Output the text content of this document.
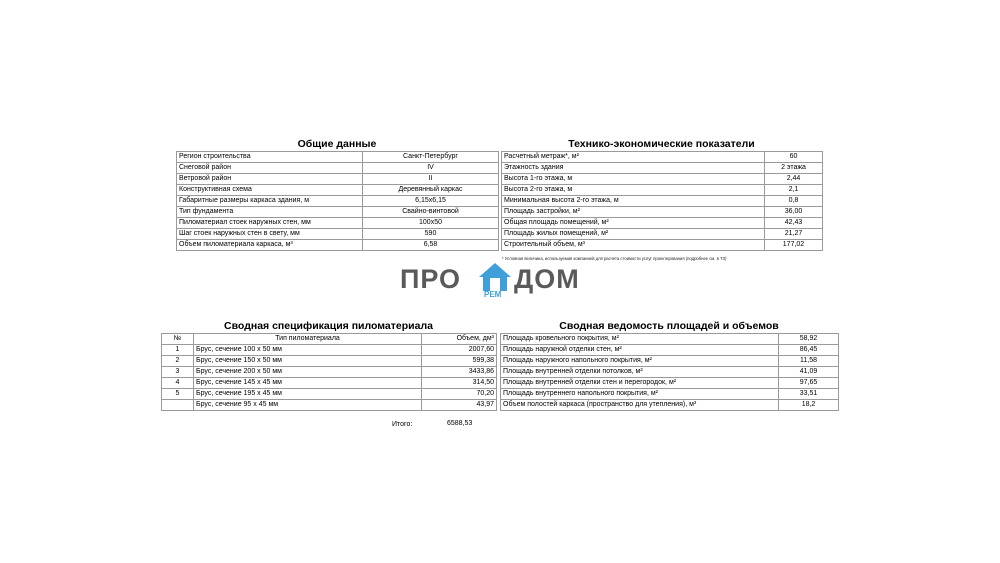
Общие данные
Регион строительства	Санкт-Петербург
Снеговой район	IV
Ветровой район	II
Конструктивная схема	Деревянный каркас
Габаритные размеры каркаса здания, м	6,15х6,15
Тип фундамента	Свайно-винтовой
Пиломатериал стоек наружных стен, мм	100х50
Шаг стоек наружных стен в свету, мм	590
Объем пиломатериала каркаса, м³	6,58
Технико-экономические показатели
Расчетный метраж*, м²	60
Этажность здания	2 этажа
Высота 1-го этажа, м	2,44
Высота 2-го этажа, м	2,1
Минимальная высота 2-го этажа, м	0,8
Площадь застройки, м²	36,00
Общая площадь помещений, м²	42,43
Площадь жилых помещений, м²	21,27
Строительный объем, м³	177,02
* Условная величина, используемая компанией для расчета стоимости услуг проектирования (подробнее см. в ТЗ)
ПРО
РЕМ
ДОМ
Сводная спецификация пиломатериала
№	Тип пиломатериала	Объем, дм³
1	Брус, сечение 100 х 50 мм	2007,60
2	Брус, сечение 150 х 50 мм	599,38
3	Брус, сечение 200 х 50 мм	3433,86
4	Брус, сечение 145 х 45 мм	314,50
5	Брус, сечение 195 х 45 мм	70,20
	Брус, сечение 95 х 45 мм	43,97
Итого:	6588,53
Сводная ведомость площадей и объемов
Площадь кровельного покрытия, м²	58,92
Площадь наружной отделки стен, м²	86,45
Площадь наружного напольного покрытия, м²	11,58
Площадь внутренней отделки потолков, м²	41,09
Площадь внутренней отделки стен и перегородок, м²	97,65
Площадь внутреннего напольного покрытия, м²	33,51
Объем полостей каркаса (пространство для утепления), м³	18,2
